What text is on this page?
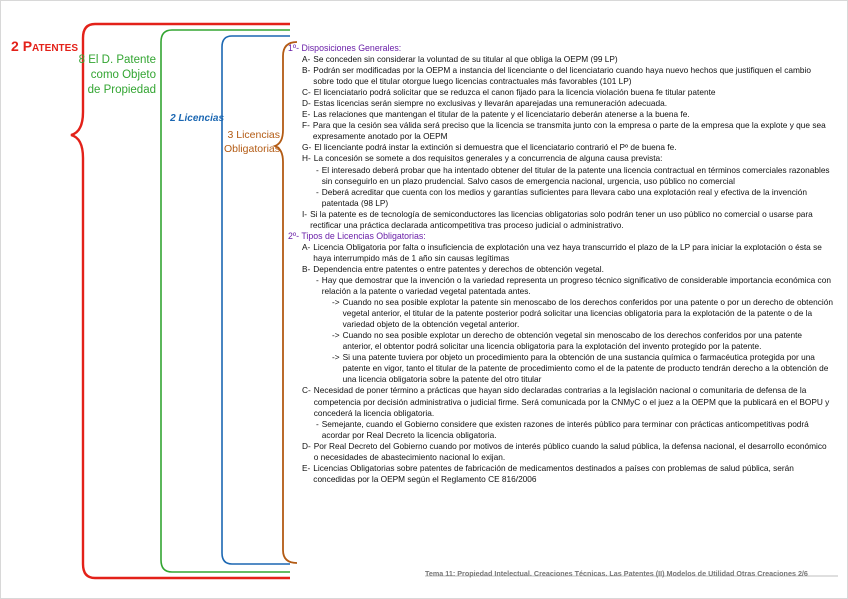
2 Patentes
8 El D. Patente como Objeto de Propiedad
2 Licencias
3 Licencias Obligatorias
1º- Disposiciones Generales:
A- Se conceden sin considerar la voluntad de su titular al que obliga la OEPM (99 LP)
B- Podrán ser modificadas por la OEPM a instancia del licenciante o del licenciatario cuando haya nuevo hechos que justifiquen el cambio sobre todo que el titular otorgue luego licencias contractuales más favorables (101 LP)
C- El licenciatario podrá solicitar que se reduzca el canon fijado para la licencia violación buena fe titular patente
D- Estas licencias serán siempre no exclusivas y llevarán aparejadas una remuneración adecuada.
E- Las relaciones que mantengan el titular de la patente y el licenciatario deberán atenerse a la buena fe.
F- Para que la cesión sea válida será preciso que la licencia se transmita junto con la empresa o parte de la empresa que la explote y que sea expresamente anotado por la OEPM
G- El licenciante podrá instar la extinción si demuestra que el licenciatario contrarió el Pº de buena fe.
H- La concesión se somete a dos requisitos generales y a concurrencia de alguna causa prevista:
- El interesado deberá probar que ha intentado obtener del titular de la patente una licencia contractual en términos comerciales razonables sin conseguirlo en un plazo prudencial. Salvo casos de emergencia nacional, urgencia, uso público no comercial
- Deberá acreditar que cuenta con los medios y garantías suficientes para llevara cabo una explotación real y efectiva de la invención patentada (98 LP)
I- Si la patente es de tecnología de semiconductores las licencias obligatorias solo podrán tener un uso público no comercial o usarse para rectificar una práctica declarada anticompetitiva tras proceso judicial o administrativo.
2º- Tipos de Licencias Obligatorias:
A- Licencia Obligatoria por falta o insuficiencia de explotación una vez haya transcurrido el plazo de la LP para iniciar la explotación o ésta se haya interrumpido más de 1 año sin causas legítimas
B- Dependencia entre patentes o entre patentes y derechos de obtención vegetal.
- Hay que demostrar que la invención o la variedad representa un progreso técnico significativo de considerable importancia económica con relación a la patente o variedad vegetal patentada antes.
-> Cuando no sea posible explotar la patente sin menoscabo de los derechos conferidos por una patente o por un derecho de obtención vegetal anterior, el titular de la patente posterior podrá solicitar una licencias obligatoria para la explotación de la patente o de la variedad objeto de la obtención vegetal anterior.
-> Cuando no sea posible explotar un derecho de obtención vegetal sin menoscabo de los derechos conferidos por una patente anterior, el obtentor podrá solicitar una licencia obligatoria para la explotación del invento protegido por la patente.
-> Si una patente tuviera por objeto un procedimiento para la obtención de una sustancia química o farmacéutica protegida por una patente en vigor, tanto el titular de la patente de procedimiento como el de la patente de producto tendrán derecho a la obtención de una licencia obligatoria sobre la patente del otro titular
C- Necesidad de poner término a prácticas que hayan sido declaradas contrarias a la legislación nacional o comunitaria de defensa de la competencia por decisión administrativa o judicial firme. Será comunicada por la CNMyC o el juez a la OEPM que la publicará en el BOPU y concederá la licencia obligatoria.
- Semejante, cuando el Gobierno considere que existen razones de interés público para terminar con prácticas anticompetitivas podrá acordar por Real Decreto la licencia obligatoria.
D- Por Real Decreto del Gobierno cuando por motivos de interés público cuando la salud pública, la defensa nacional, el desarrollo económico o necesidades de abastecimiento nacional lo exijan.
E- Licencias Obligatorias sobre patentes de fabricación de medicamentos destinados a países con problemas de salud pública, serán concedidas por la OEPM según el Reglamento CE 816/2006
Tema 11: Propiedad Intelectual. Creaciones Técnicas. Las Patentes (II) Modelos de Utilidad Otras Creaciones 2/6
